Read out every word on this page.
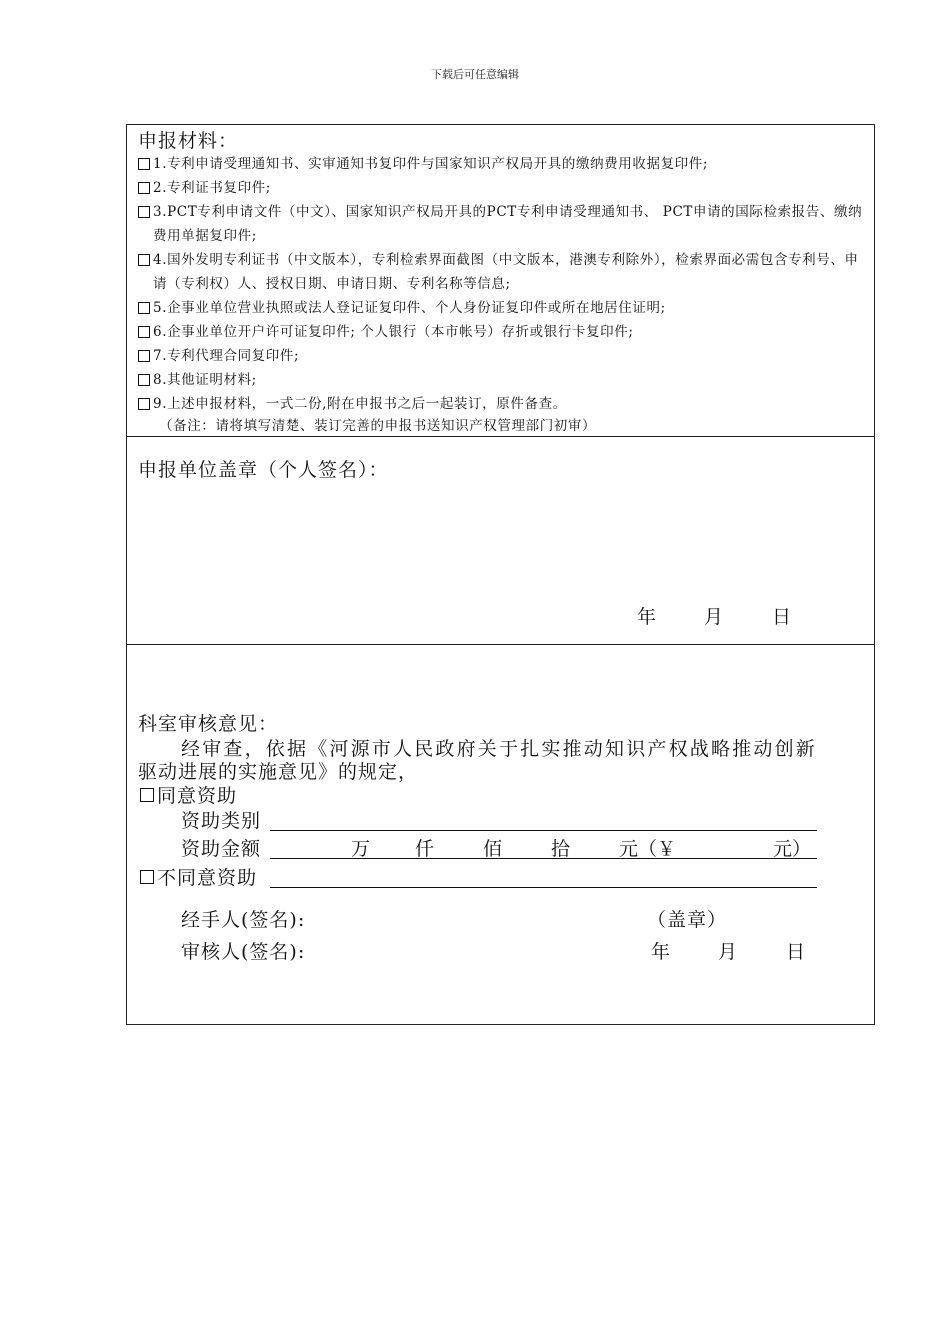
下载后可任意编辑
申报材料：
1.专利申请受理通知书、实审通知书复印件与国家知识产权局开具的缴纳费用收据复印件;
2.专利证书复印件;
3.PCT专利申请文件（中文）、国家知识产权局开具的PCT专利申请受理通知书、 PCT申请的国际检索报告、缴纳费用单据复印件;
4.国外发明专利证书（中文版本），专利检索界面截图（中文版本，港澳专利除外），检索界面必需包含专利号、申请（专利权）人、授权日期、申请日期、专利名称等信息;
5.企事业单位营业执照或法人登记证复印件、个人身份证复印件或所在地居住证明;
6.企事业单位开户许可证复印件; 个人银行（本市帐号）存折或银行卡复印件;
7.专利代理合同复印件;
8.其他证明材料;
9.上述申报材料，一式二份,附在申报书之后一起装订，原件备查。
（备注：请将填写清楚、装订完善的申报书送知识产权管理部门初审）
申报单位盖章（个人签名）：
年	月	日
科室审核意见：
经审查，依据《河源市人民政府关于扎实推动知识产权战略推动创新
驱动进展的实施意见》的规定，
同意资助
资助类别
资助金额	万 仟	佰	拾	元（￥	元）
不同意资助
经手人(签名):	（盖章）
审核人(签名):	年	月	日
